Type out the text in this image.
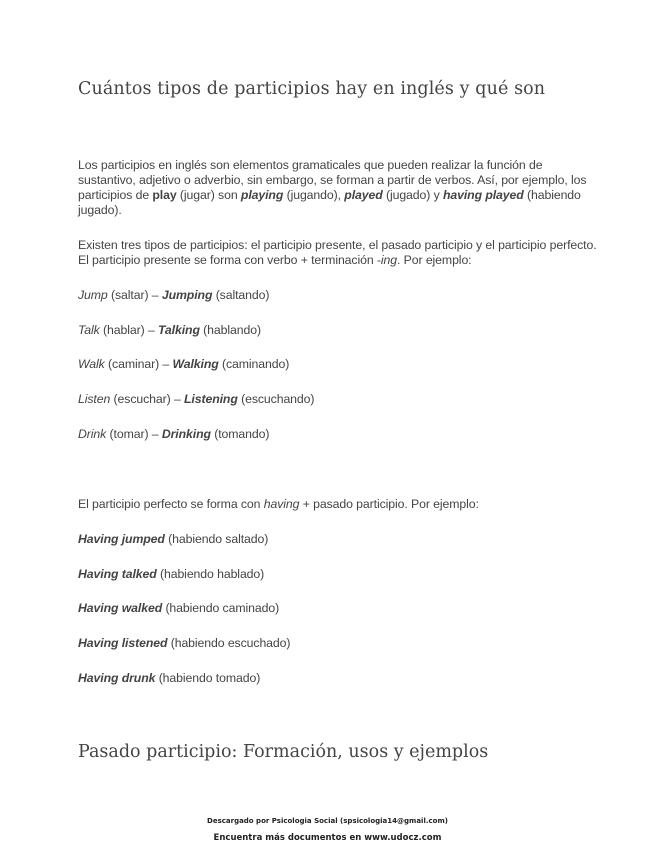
Cuántos tipos de participios hay en inglés y qué son

Los participios en inglés son elementos gramaticales que pueden realizar la función de sustantivo, adjetivo o adverbio, sin embargo, se forman a partir de verbos. Así, por ejemplo, los participios de play (jugar) son playing (jugando), played (jugado) y having played (habiendo jugado).

Existen tres tipos de participios: el participio presente, el pasado participio y el participio perfecto. El participio presente se forma con verbo + terminación -ing. Por ejemplo:

Jump (saltar) – Jumping (saltando)

Talk (hablar) – Talking (hablando)

Walk (caminar) – Walking (caminando)

Listen (escuchar) – Listening (escuchando)

Drink (tomar) – Drinking (tomando)

El participio perfecto se forma con having + pasado participio. Por ejemplo:

Having jumped (habiendo saltado)

Having talked (habiendo hablado)

Having walked (habiendo caminado)

Having listened (habiendo escuchado)

Having drunk (habiendo tomado)

Pasado participio: Formación, usos y ejemplos

Descargado por Psicologia Social (spsicologia14@gmail.com)

Encuentra más documentos en www.udocz.com
